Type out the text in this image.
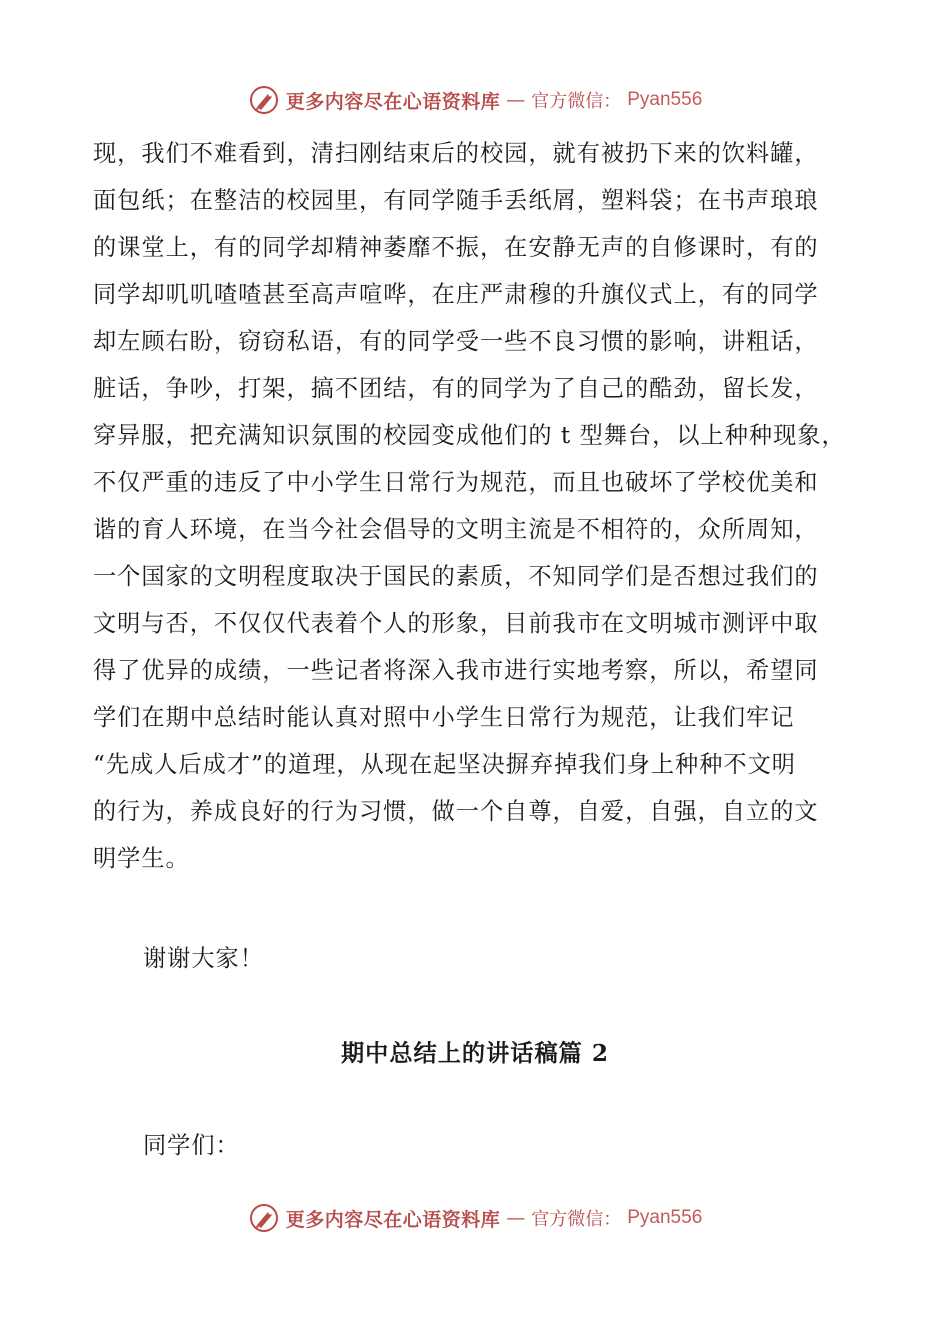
更多内容尽在心语资料库 — 官方微信： Pyan556
现，我们不难看到，清扫刚结束后的校园，就有被扔下来的饮料罐，
面包纸；在整洁的校园里，有同学随手丢纸屑，塑料袋；在书声琅琅
的课堂上，有的同学却精神萎靡不振，在安静无声的自修课时，有的
同学却叽叽喳喳甚至高声喧哗，在庄严肃穆的升旗仪式上，有的同学
却左顾右盼，窃窃私语，有的同学受一些不良习惯的影响，讲粗话，
脏话，争吵，打架，搞不团结，有的同学为了自己的酷劲，留长发，
穿异服，把充满知识氛围的校园变成他们的 t 型舞台，以上种种现象，
不仅严重的违反了中小学生日常行为规范，而且也破坏了学校优美和
谐的育人环境，在当今社会倡导的文明主流是不相符的，众所周知，
一个国家的文明程度取决于国民的素质，不知同学们是否想过我们的
文明与否，不仅仅代表着个人的形象，目前我市在文明城市测评中取
得了优异的成绩，一些记者将深入我市进行实地考察，所以，希望同
学们在期中总结时能认真对照中小学生日常行为规范，让我们牢记
“先成人后成才”的道理，从现在起坚决摒弃掉我们身上种种不文明
的行为，养成良好的行为习惯，做一个自尊，自爱，自强，自立的文
明学生。
谢谢大家！
期中总结上的讲话稿篇 2
同学们：
更多内容尽在心语资料库 — 官方微信： Pyan556
